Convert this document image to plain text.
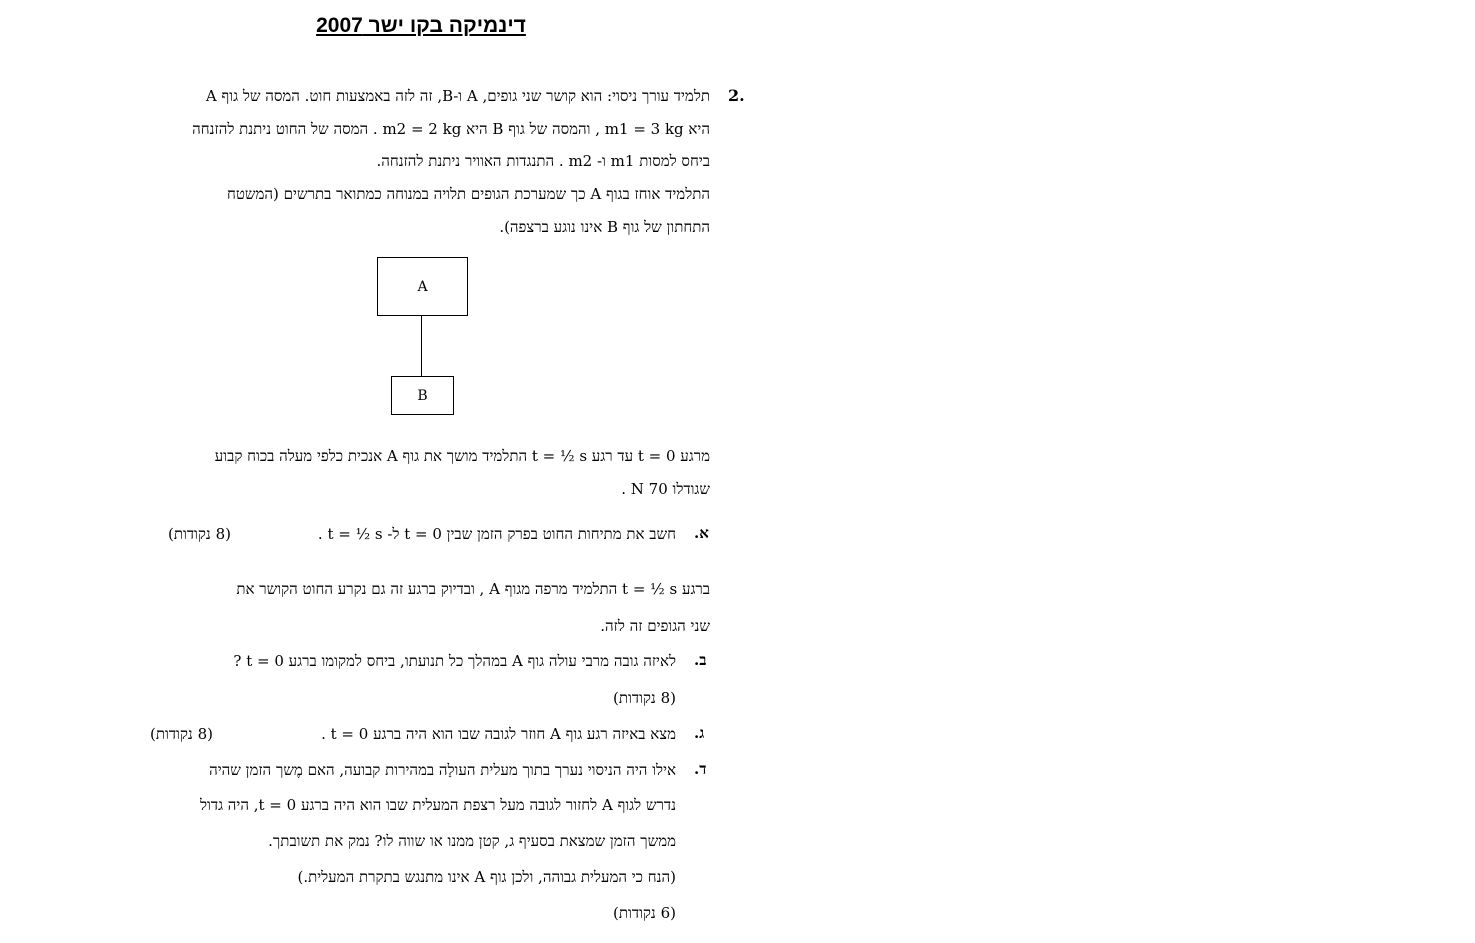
דינמיקה בקו ישר 2007
2.
תלמיד עורך ניסוי: הוא קושר שני גופים, A ו-B, זה לזה באמצעות חוט. המסה של גוף A
היא m1 = 3 kg , והמסה של גוף B היא m2 = 2 kg . המסה של החוט ניתנת להזנחה
ביחס למסות m1 ו- m2 . התנגדות האוויר ניתנת להזנחה.
התלמיד אוחז בגוף A כך שמערכת הגופים תלויה במנוחה כמתואר בתרשים (המשטח
התחתון של גוף B אינו נוגע ברצפה).
A
B
מרגע t = 0 עד רגע t = ½ s התלמיד מושך את גוף A אנכית כלפי מעלה בכוח קבוע
שגודלו 70 N .
א.
חשב את מתיחות החוט בפרק הזמן שבין t = 0 ל- t = ½ s .
(8 נקודות)
ברגע t = ½ s התלמיד מרפה מגוף A , ובדיוק ברגע זה גם נקרע החוט הקושר את
שני הגופים זה לזה.
ב.
לאיזה גובה מרבי עולה גוף A במהלך כל תנועתו, ביחס למקומו ברגע t = 0 ?
(8 נקודות)
ג.
מצא באיזה רגע גוף A חוזר לגובה שבו הוא היה ברגע t = 0 .
(8 נקודות)
ד.
אילו היה הניסוי נערך בתוך מעלית העולָה במהירות קבועה, האם מֶשך הזמן שהיה
נדרש לגוף A לחזור לגובה מעל רצפת המעלית שבו הוא היה ברגע t = 0, היה גדול
ממשך הזמן שמצאת בסעיף ג, קטן ממנו או שווה לו? נמק את תשובתך.
(הנח כי המעלית גבוהה, ולכן גוף A אינו מתנגש בתקרת המעלית.)
(6 נקודות)
